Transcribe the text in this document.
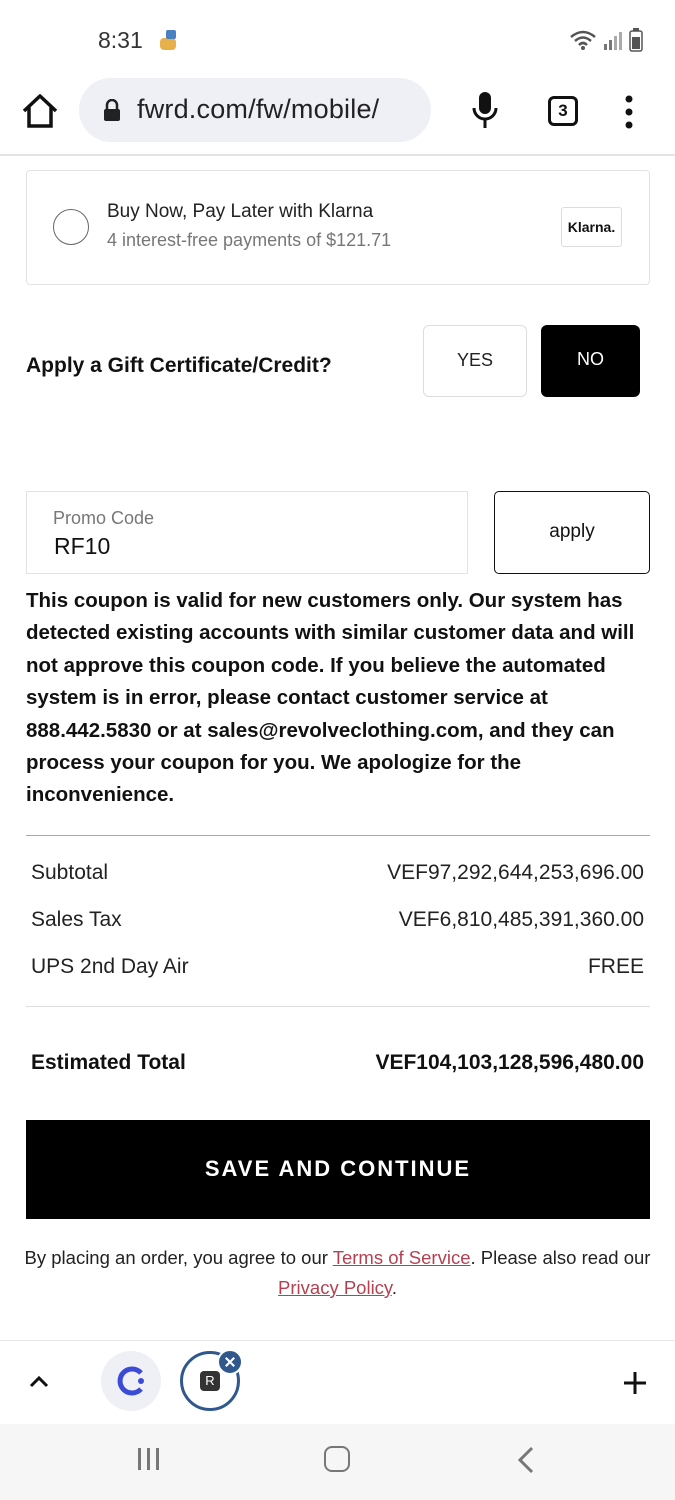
8:31
fwrd.com/fw/mobile/	3
Buy Now, Pay Later with Klarna
4 interest-free payments of $121.71
Klarna.
Apply a Gift Certificate/Credit?	YES	NO
Promo Code
RF10
apply
This coupon is valid for new customers only. Our system has detected existing accounts with similar customer data and will not approve this coupon code. If you believe the automated system is in error, please contact customer service at 888.442.5830 or at sales@revolveclothing.com, and they can process your coupon for you. We apologize for the inconvenience.
Subtotal	VEF97,292,644,253,696.00
Sales Tax	VEF6,810,485,391,360.00
UPS 2nd Day Air	FREE
Estimated Total	VEF104,103,128,596,480.00
SAVE AND CONTINUE
By placing an order, you agree to our Terms of Service. Please also read our
Privacy Policy.
R
